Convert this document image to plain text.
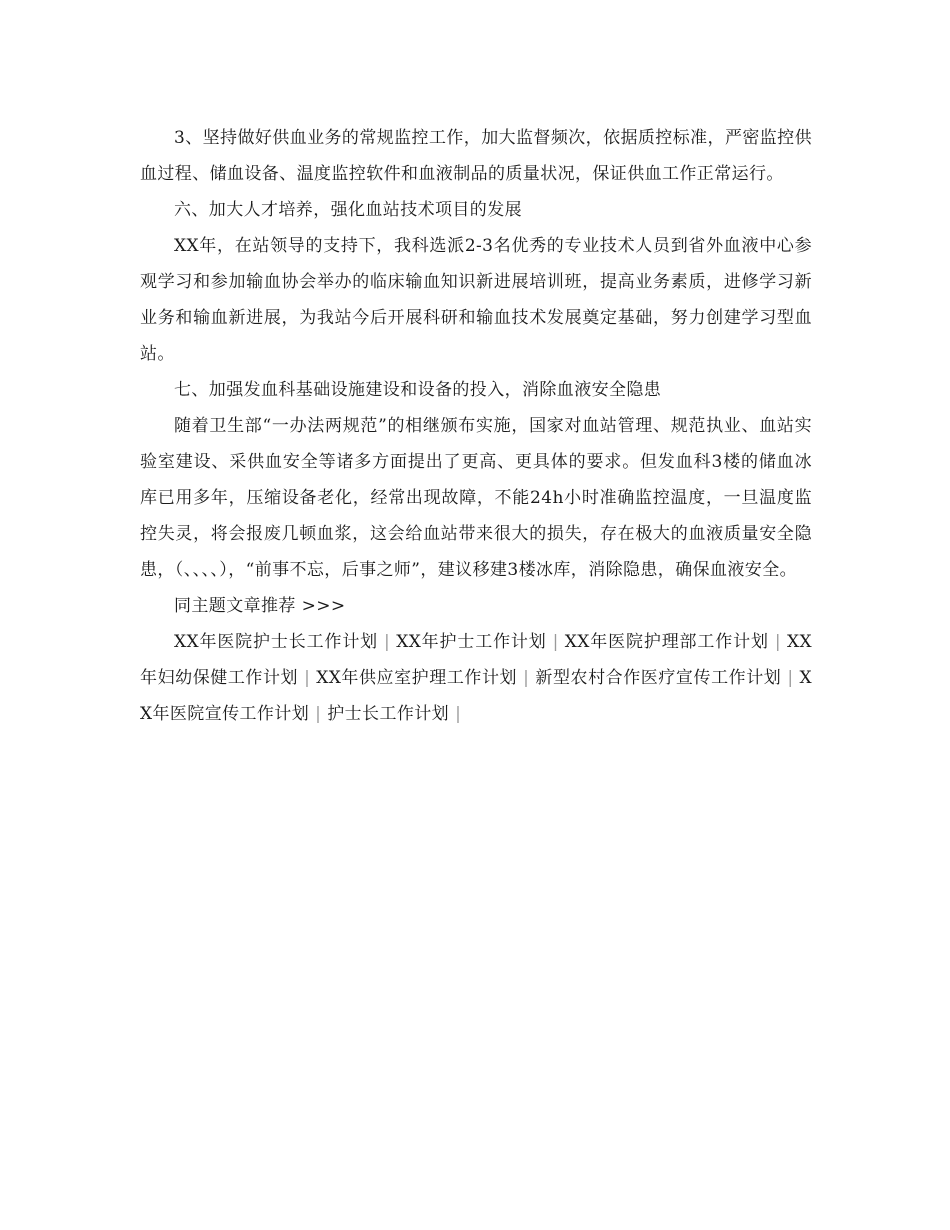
3、坚持做好供血业务的常规监控工作，加大监督频次，依据质控标准，严密监控供血过程、储血设备、温度监控软件和血液制品的质量状况，保证供血工作正常运行。

六、加大人才培养，强化血站技术项目的发展

XX年，在站领导的支持下，我科选派2-3名优秀的专业技术人员到省外血液中心参观学习和参加输血协会举办的临床输血知识新进展培训班，提高业务素质，进修学习新业务和输血新进展，为我站今后开展科研和输血技术发展奠定基础，努力创建学习型血站。

七、加强发血科基础设施建设和设备的投入，消除血液安全隐患

随着卫生部“一办法两规范”的相继颁布实施，国家对血站管理、规范执业、血站实验室建设、采供血安全等诸多方面提出了更高、更具体的要求。但发血科3楼的储血冰库已用多年，压缩设备老化，经常出现故障，不能24h小时准确监控温度，一旦温度监控失灵，将会报废几顿血浆，这会给血站带来很大的损失，存在极大的血液质量安全隐患，（、、、、），“前事不忘，后事之师”，建议移建3楼冰库，消除隐患，确保血液安全。

同主题文章推荐 >>>

XX年医院护士长工作计划 | XX年护士工作计划 | XX年医院护理部工作计划 | XX年妇幼保健工作计划 | XX年供应室护理工作计划 | 新型农村合作医疗宣传工作计划 | XX年医院宣传工作计划 | 护士长工作计划 |
